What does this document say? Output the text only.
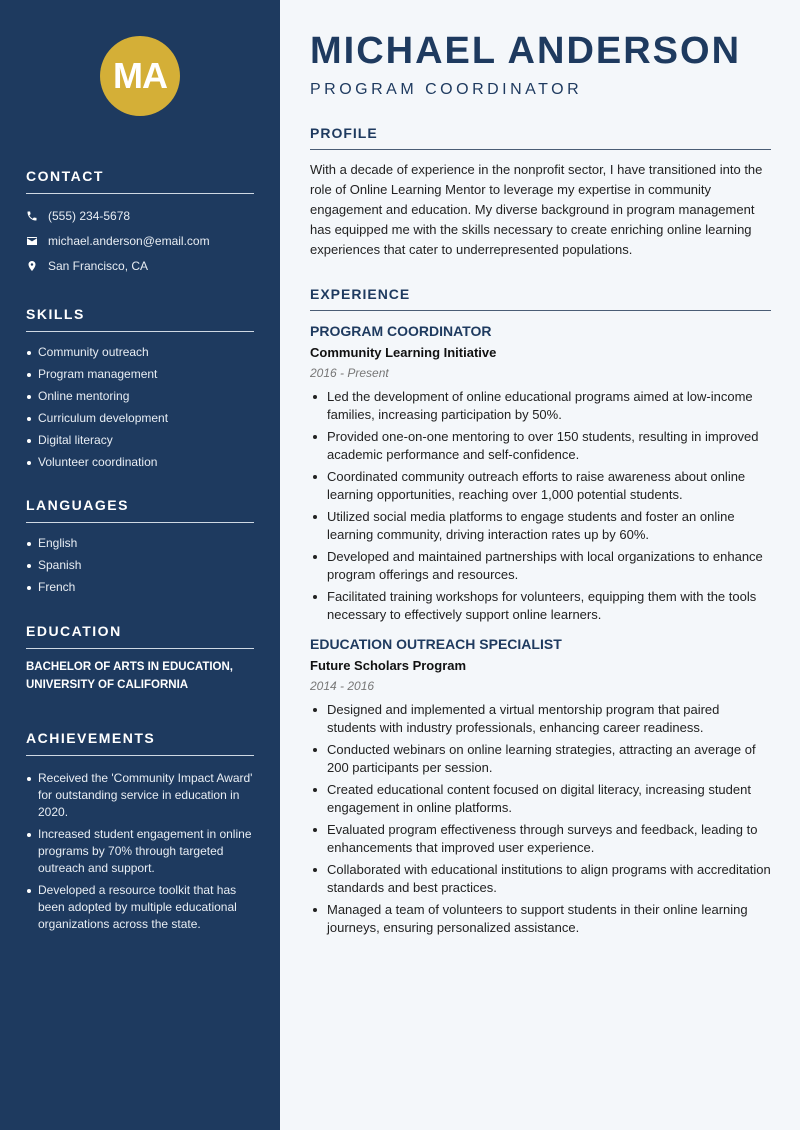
MA
CONTACT
(555) 234-5678
michael.anderson@email.com
San Francisco, CA
SKILLS
Community outreach
Program management
Online mentoring
Curriculum development
Digital literacy
Volunteer coordination
LANGUAGES
English
Spanish
French
EDUCATION
BACHELOR OF ARTS IN EDUCATION, UNIVERSITY OF CALIFORNIA
ACHIEVEMENTS
Received the 'Community Impact Award' for outstanding service in education in 2020.
Increased student engagement in online programs by 70% through targeted outreach and support.
Developed a resource toolkit that has been adopted by multiple educational organizations across the state.
MICHAEL ANDERSON
PROGRAM COORDINATOR
PROFILE
With a decade of experience in the nonprofit sector, I have transitioned into the role of Online Learning Mentor to leverage my expertise in community engagement and education. My diverse background in program management has equipped me with the skills necessary to create enriching online learning experiences that cater to underrepresented populations.
EXPERIENCE
PROGRAM COORDINATOR
Community Learning Initiative
2016 - Present
Led the development of online educational programs aimed at low-income families, increasing participation by 50%.
Provided one-on-one mentoring to over 150 students, resulting in improved academic performance and self-confidence.
Coordinated community outreach efforts to raise awareness about online learning opportunities, reaching over 1,000 potential students.
Utilized social media platforms to engage students and foster an online learning community, driving interaction rates up by 60%.
Developed and maintained partnerships with local organizations to enhance program offerings and resources.
Facilitated training workshops for volunteers, equipping them with the tools necessary to effectively support online learners.
EDUCATION OUTREACH SPECIALIST
Future Scholars Program
2014 - 2016
Designed and implemented a virtual mentorship program that paired students with industry professionals, enhancing career readiness.
Conducted webinars on online learning strategies, attracting an average of 200 participants per session.
Created educational content focused on digital literacy, increasing student engagement in online platforms.
Evaluated program effectiveness through surveys and feedback, leading to enhancements that improved user experience.
Collaborated with educational institutions to align programs with accreditation standards and best practices.
Managed a team of volunteers to support students in their online learning journeys, ensuring personalized assistance.
